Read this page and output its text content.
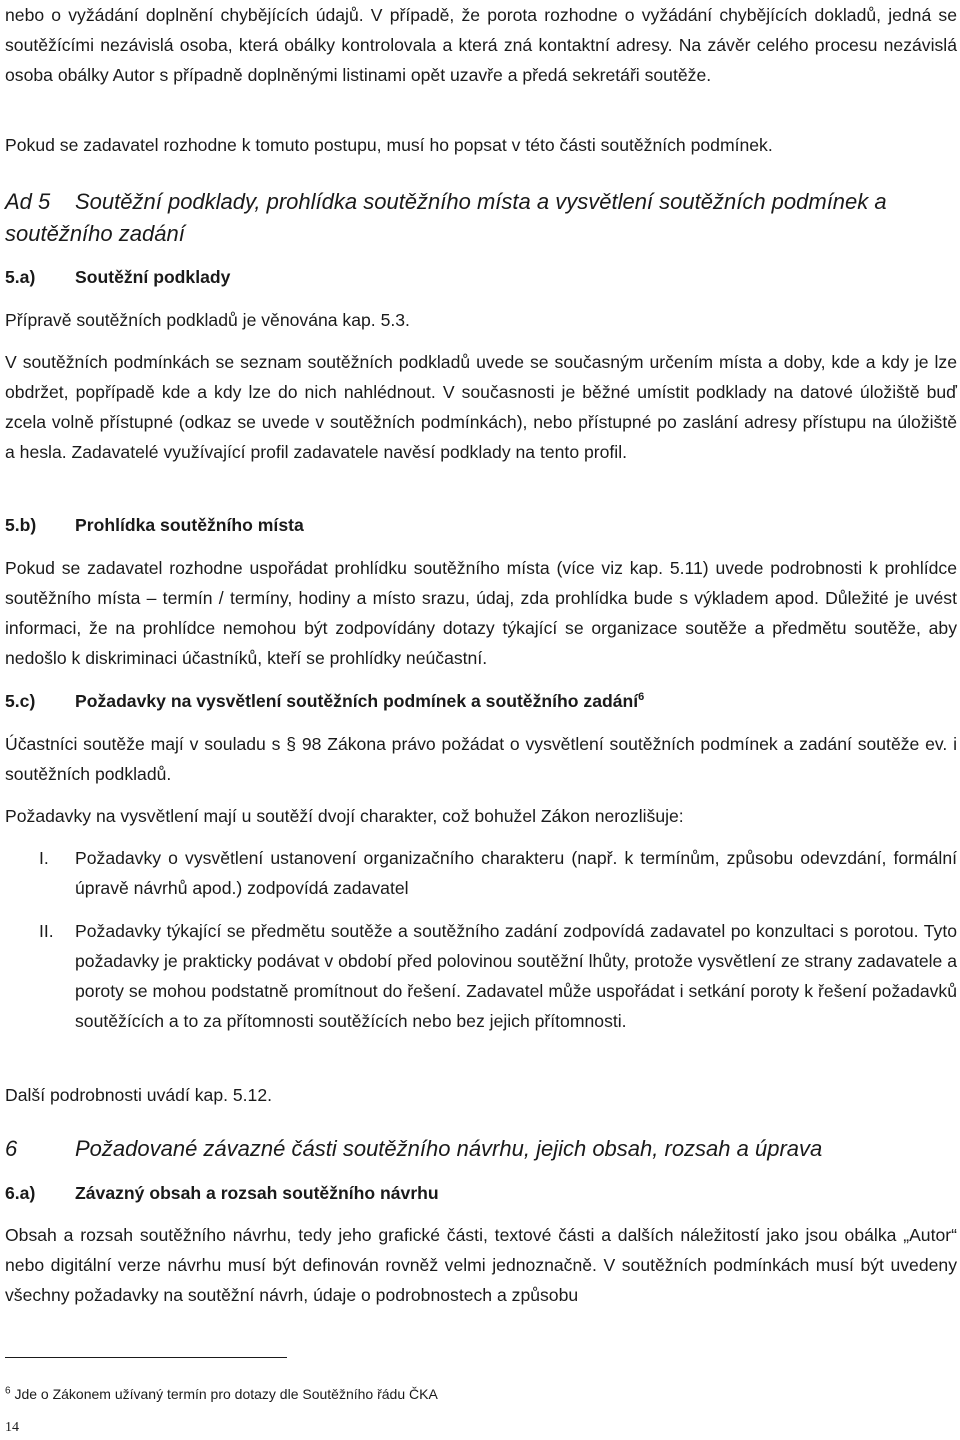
nebo o vyžádání doplnění chybějících údajů. V případě, že porota rozhodne o vyžádání chybějících dokladů, jedná se soutěžícími nezávislá osoba, která obálky kontrolovala a která zná kontaktní adresy. Na závěr celého procesu nezávislá osoba obálky Autor s případně doplněnými listinami opět uzavře a předá sekretáři soutěže.

Pokud se zadavatel rozhodne k tomuto postupu, musí ho popsat v této části soutěžních podmínek.

Ad 5 Soutěžní podklady, prohlídka soutěžního místa a vysvětlení soutěžních podmínek a soutěžního zadání
5.a) Soutěžní podklady

Přípravě soutěžních podkladů je věnována kap. 5.3.

V soutěžních podmínkách se seznam soutěžních podkladů uvede se současným určením místa a doby, kde a kdy je lze obdržet, popřípadě kde a kdy lze do nich nahlédnout. V současnosti je běžné umístit podklady na datové úložiště buď zcela volně přístupné (odkaz se uvede v soutěžních podmínkách), nebo přístupné po zaslání adresy přístupu na úložiště a hesla. Zadavatelé využívající profil zadavatele navěsí podklady na tento profil.

5.b) Prohlídka soutěžního místa

Pokud se zadavatel rozhodne uspořádat prohlídku soutěžního místa (více viz kap. 5.11) uvede podrobnosti k prohlídce soutěžního místa – termín / termíny, hodiny a místo srazu, údaj, zda prohlídka bude s výkladem apod. Důležité je uvést informaci, že na prohlídce nemohou být zodpovídány dotazy týkající se organizace soutěže a předmětu soutěže, aby nedošlo k diskriminaci účastníků, kteří se prohlídky neúčastní.

5.c) Požadavky na vysvětlení soutěžních podmínek a soutěžního zadání$^6$

Účastníci soutěže mají v souladu s § 98 Zákona právo požádat o vysvětlení soutěžních podmínek a zadání soutěže ev. i soutěžních podkladů.

Požadavky na vysvětlení mají u soutěží dvojí charakter, což bohužel Zákon nerozlišuje:

I.	Požadavky o vysvětlení ustanovení organizačního charakteru (např. k termínům, způsobu odevzdání, formální úpravě návrhů apod.) zodpovídá zadavatel
II.	Požadavky týkající se předmětu soutěže a soutěžního zadání zodpovídá zadavatel po konzultaci s porotou. Tyto požadavky je prakticky podávat v období před polovinou soutěžní lhůty, protože vysvětlení ze strany zadavatele a poroty se mohou podstatně promítnout do řešení. Zadavatel může uspořádat i setkání poroty k řešení požadavků soutěžících a to za přítomnosti soutěžících nebo bez jejich přítomnosti.

Další podrobnosti uvádí kap. 5.12.

6	Požadované závazné části soutěžního návrhu, jejich obsah, rozsah a úprava
6.a) Závazný obsah a rozsah soutěžního návrhu

Obsah a rozsah soutěžního návrhu, tedy jeho grafické části, textové části a dalších náležitostí jako jsou obálka „Autor“ nebo digitální verze návrhu musí být definován rovněž velmi jednoznačně. V soutěžních podmínkách musí být uvedeny všechny požadavky na soutěžní návrh, údaje o podrobnostech a způsobu

$^6$ Jde o Zákonem užívaný termín pro dotazy dle Soutěžního řádu ČKA
14
